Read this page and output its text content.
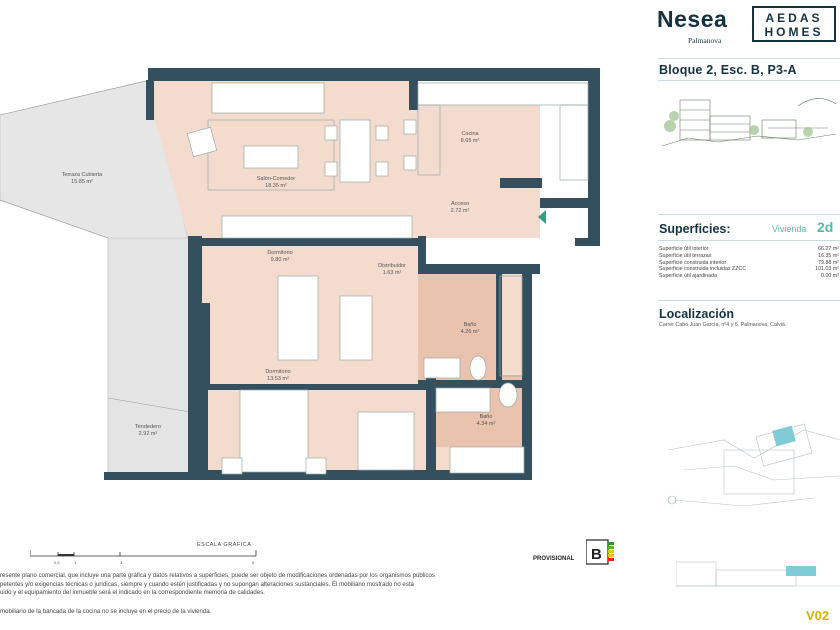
Terraza Cubierta
15.85 m²	Salón-Comedor
18.35 m²
Cocina
8.65 m²
Acceso
2.72 m²
Dormitorio
9.80 m²
Distribuidor
1.63 m²
Baño
4.26 m²
Dormitorio
13.53 m²
Tendedero
2.92 m²
Baño
4.34 m²
Nesea
Palmanova
AEDAS
HOMES
Bloque 2, Esc. B, P3-A
Superficies:	Vivienda 2d
Superficie útil interior	66.27 m²
Superficie útil terrazas	16.35 m²
Superficie construida interior	79.88 m²
Superficie construida incluidas ZZCC	101.03 m²
Superficie útil ajardinada	0.00 m²
Localización
Carrer Cabo Juan García, nº4 y 6. Palmanova, Calvià.
V02
ESCALA GRÁFICA
0,5	1	3	5
PROVISIONAL B
resente plano comercial, que incluye una parte gráfica y datos relativos a superficies, puede ser objeto de modificaciones ordenadas por los organismos públicos
petentes y/o exigencias técnicas o jurídicas, siempre y cuando estén justificadas y no supongan alteraciones sustanciales. El mobiliario mostrado no está
uido y el equipamiento del inmueble será el indicado en la correspondiente memoria de calidades.
mobiliario de la bancada de la cocina no se incluye en el precio de la vivienda.
